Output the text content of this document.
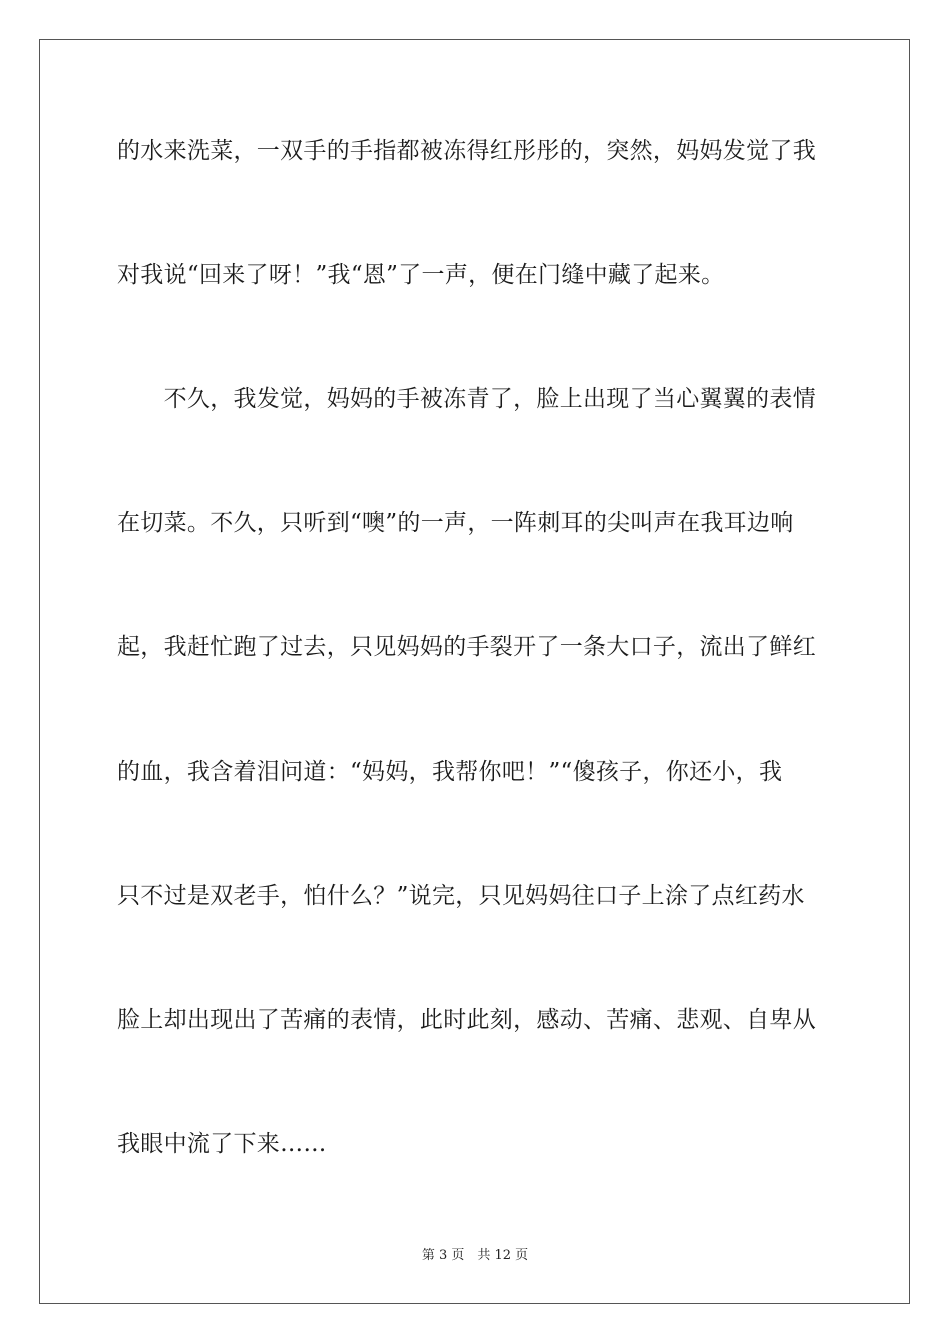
的水来洗菜，一双手的手指都被冻得红彤彤的，突然，妈妈发觉了我
对我说“回来了呀！”我“恩”了一声，便在门缝中藏了起来。
　　不久，我发觉，妈妈的手被冻青了，脸上出现了当心翼翼的表情
在切菜。不久，只听到“噢”的一声，一阵刺耳的尖叫声在我耳边响
起，我赶忙跑了过去，只见妈妈的手裂开了一条大口子，流出了鲜红
的血，我含着泪问道：“妈妈，我帮你吧！”“傻孩子，你还小，我
只不过是双老手，怕什么？”说完，只见妈妈往口子上涂了点红药水
脸上却出现出了苦痛的表情，此时此刻，感动、苦痛、悲观、自卑从
我眼中流了下来……
第 3 页　共 12 页
